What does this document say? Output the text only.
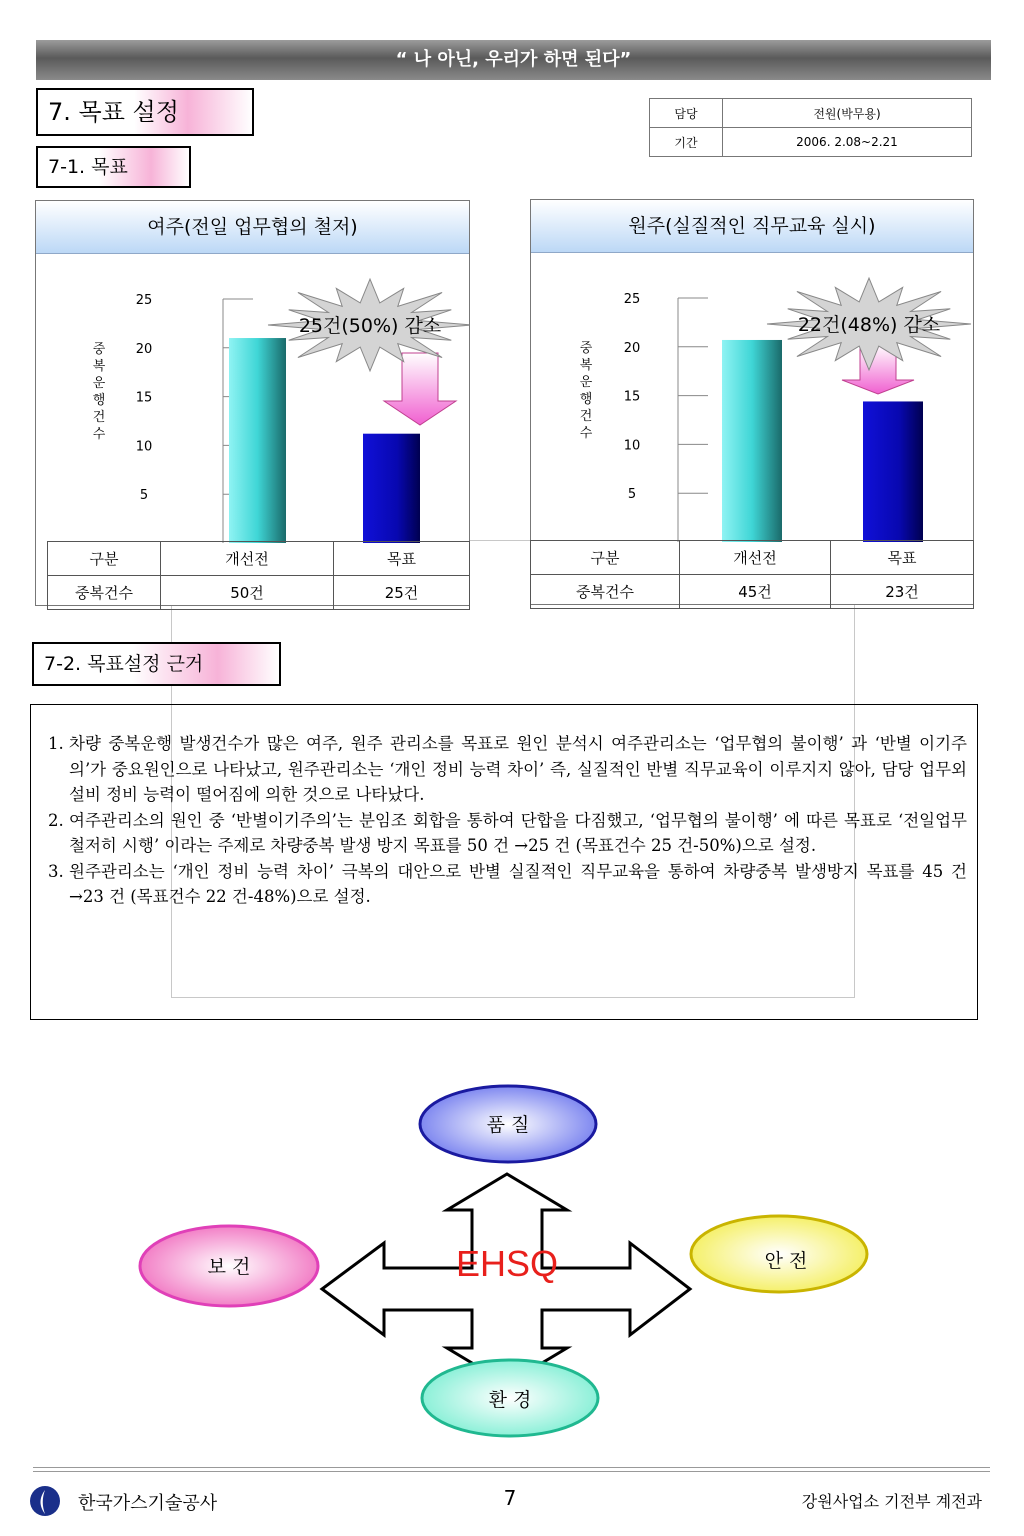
“ 나 아닌, 우리가 하면 된다”
7. 목표 설정
7-1. 목표
담당	전원(박무용)
기간	2006. 2.08~2.21
여주(전일 업무협의 철저)
5
10
15
20
25
25건(50%) 감소
중복 운행 건수
구분	개선전	목표
중복건수	50건	25건
원주(실질적인 직무교육 실시)
5
10
15
20
25
22건(48%) 감소
중복 운행 건수
구분	개선전	목표
중복건수	45건	23건
7-2. 목표설정 근거
1. 차량 중복운행 발생건수가 많은 여주, 원주 관리소를 목표로 원인 분석시 여주관리소는 ‘업무협의 불이행’ 과 ‘반별 이기주의’가 중요원인으로 나타났고, 원주관리소는 ‘개인 정비 능력 차이’ 즉, 실질적인 반별 직무교육이 이루지지 않아, 담당 업무외 설비 정비 능력이 떨어짐에 의한 것으로 나타났다.
2. 여주관리소의 원인 중 ‘반별이기주의’는 분임조 회합을 통하여 단합을 다짐했고, ‘업무협의 불이행’ 에 따른 목표로 ‘전일업무 철저히 시행’ 이라는 주제로 차량중복 발생 방지 목표를 50 건 →25 건 (목표건수 25 건-50%)으로 설정.
3. 원주관리소는 ‘개인 정비 능력 차이’ 극복의 대안으로 반별 실질적인 직무교육을 통하여 차량중복 발생방지 목표를 45 건 →23 건 (목표건수 22 건-48%)으로 설정.
EHSQ
품 질
안 전
보 건
환 경
한국가스기술공사	7	강원사업소 기전부 계전과
